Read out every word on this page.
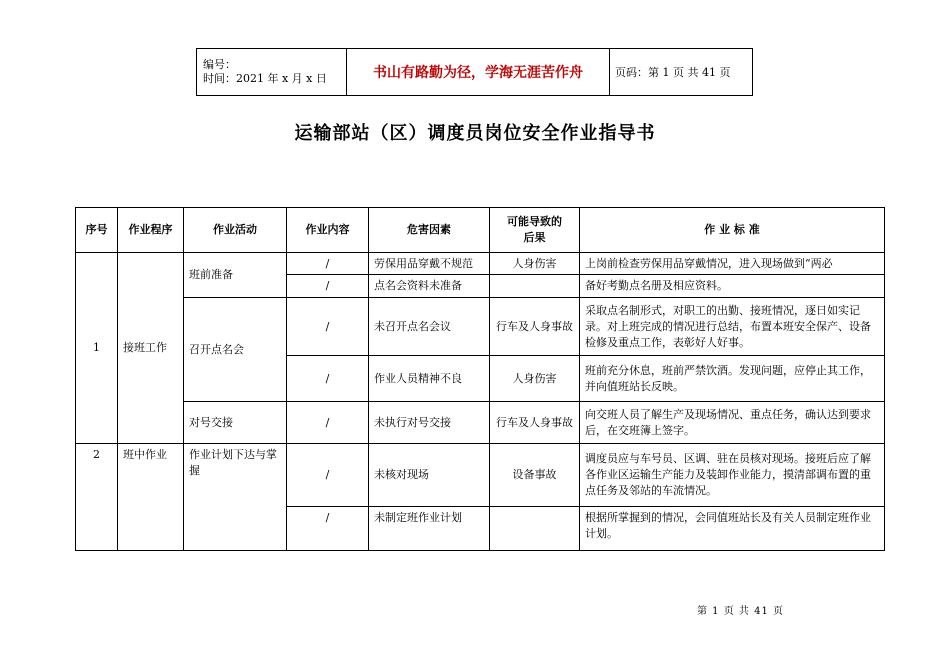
编号：
时间：2021 年 x 月 x 日	书山有路勤为径，学海无涯苦作舟	页码：第 1 页 共 41 页
运输部站（区）调度员岗位安全作业指导书
序号	作业程序	作业活动	作业内容	危害因素	可能导致的后果	作 业 标 准
1	接班工作	班前准备	/	劳保用品穿戴不规范	人身伤害	上岗前检查劳保用品穿戴情况，进入现场做到“两必
			/	点名会资料未准备		备好考勤点名册及相应资料。
		召开点名会	/	未召开点名会议	行车及人身事故	采取点名制形式，对职工的出勤、接班情况，逐日如实记录。对上班完成的情况进行总结，布置本班安全保产、设备检修及重点工作，表彰好人好事。
			/	作业人员精神不良	人身伤害	班前充分休息，班前严禁饮酒。发现问题，应停止其工作，并向值班站长反映。
		对号交接	/	未执行对号交接	行车及人身事故	向交班人员了解生产及现场情况、重点任务，确认达到要求后，在交班簿上签字。
2	班中作业	作业计划下达与掌握	/	未核对现场	设备事故	调度员应与车号员、区调、驻在员核对现场。接班后应了解各作业区运输生产能力及装卸作业能力，摸清部调布置的重点任务及邻站的车流情况。
			/	未制定班作业计划		根据所掌握到的情况，会同值班站长及有关人员制定班作业计划。
第 1 页 共 41 页
